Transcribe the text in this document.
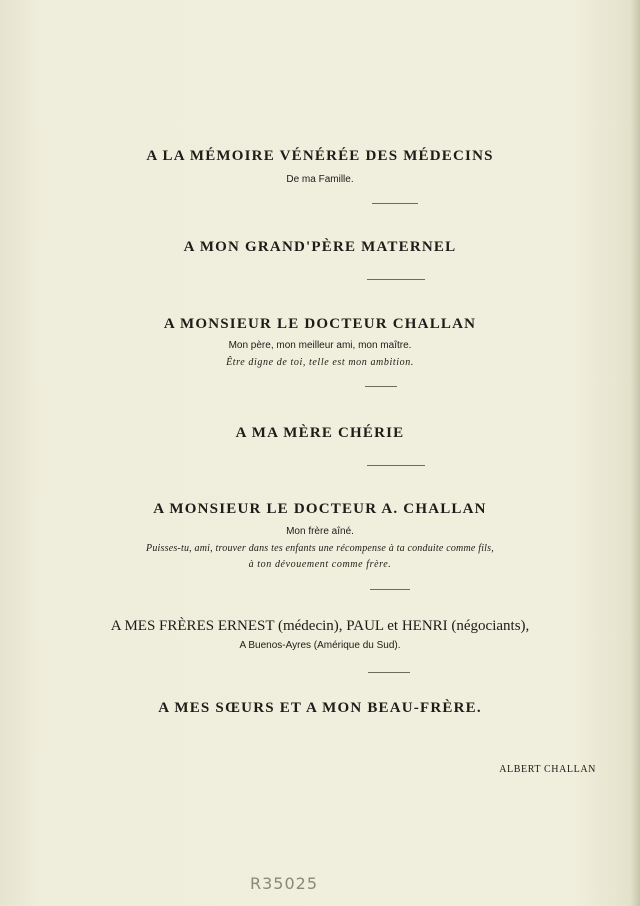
A LA MÉMOIRE VÉNÉRÉE DES MÉDECINS
De ma Famille.
A MON GRAND'PÈRE MATERNEL
A MONSIEUR LE DOCTEUR CHALLAN
Mon père, mon meilleur ami, mon maître.
Être digne de toi, telle est mon ambition.
A MA MÈRE CHÉRIE
A MONSIEUR LE DOCTEUR A. CHALLAN
Mon frère aîné.
Puisses-tu, ami, trouver dans tes enfants une récompense à ta conduite comme fils,
à ton dévouement comme frère.
A MES FRÈRES ERNEST (médecin), PAUL et HENRI (négociants),
A Buenos-Ayres (Amérique du Sud).
A MES SŒURS ET A MON BEAU-FRÈRE.
ALBERT CHALLAN
R35025
